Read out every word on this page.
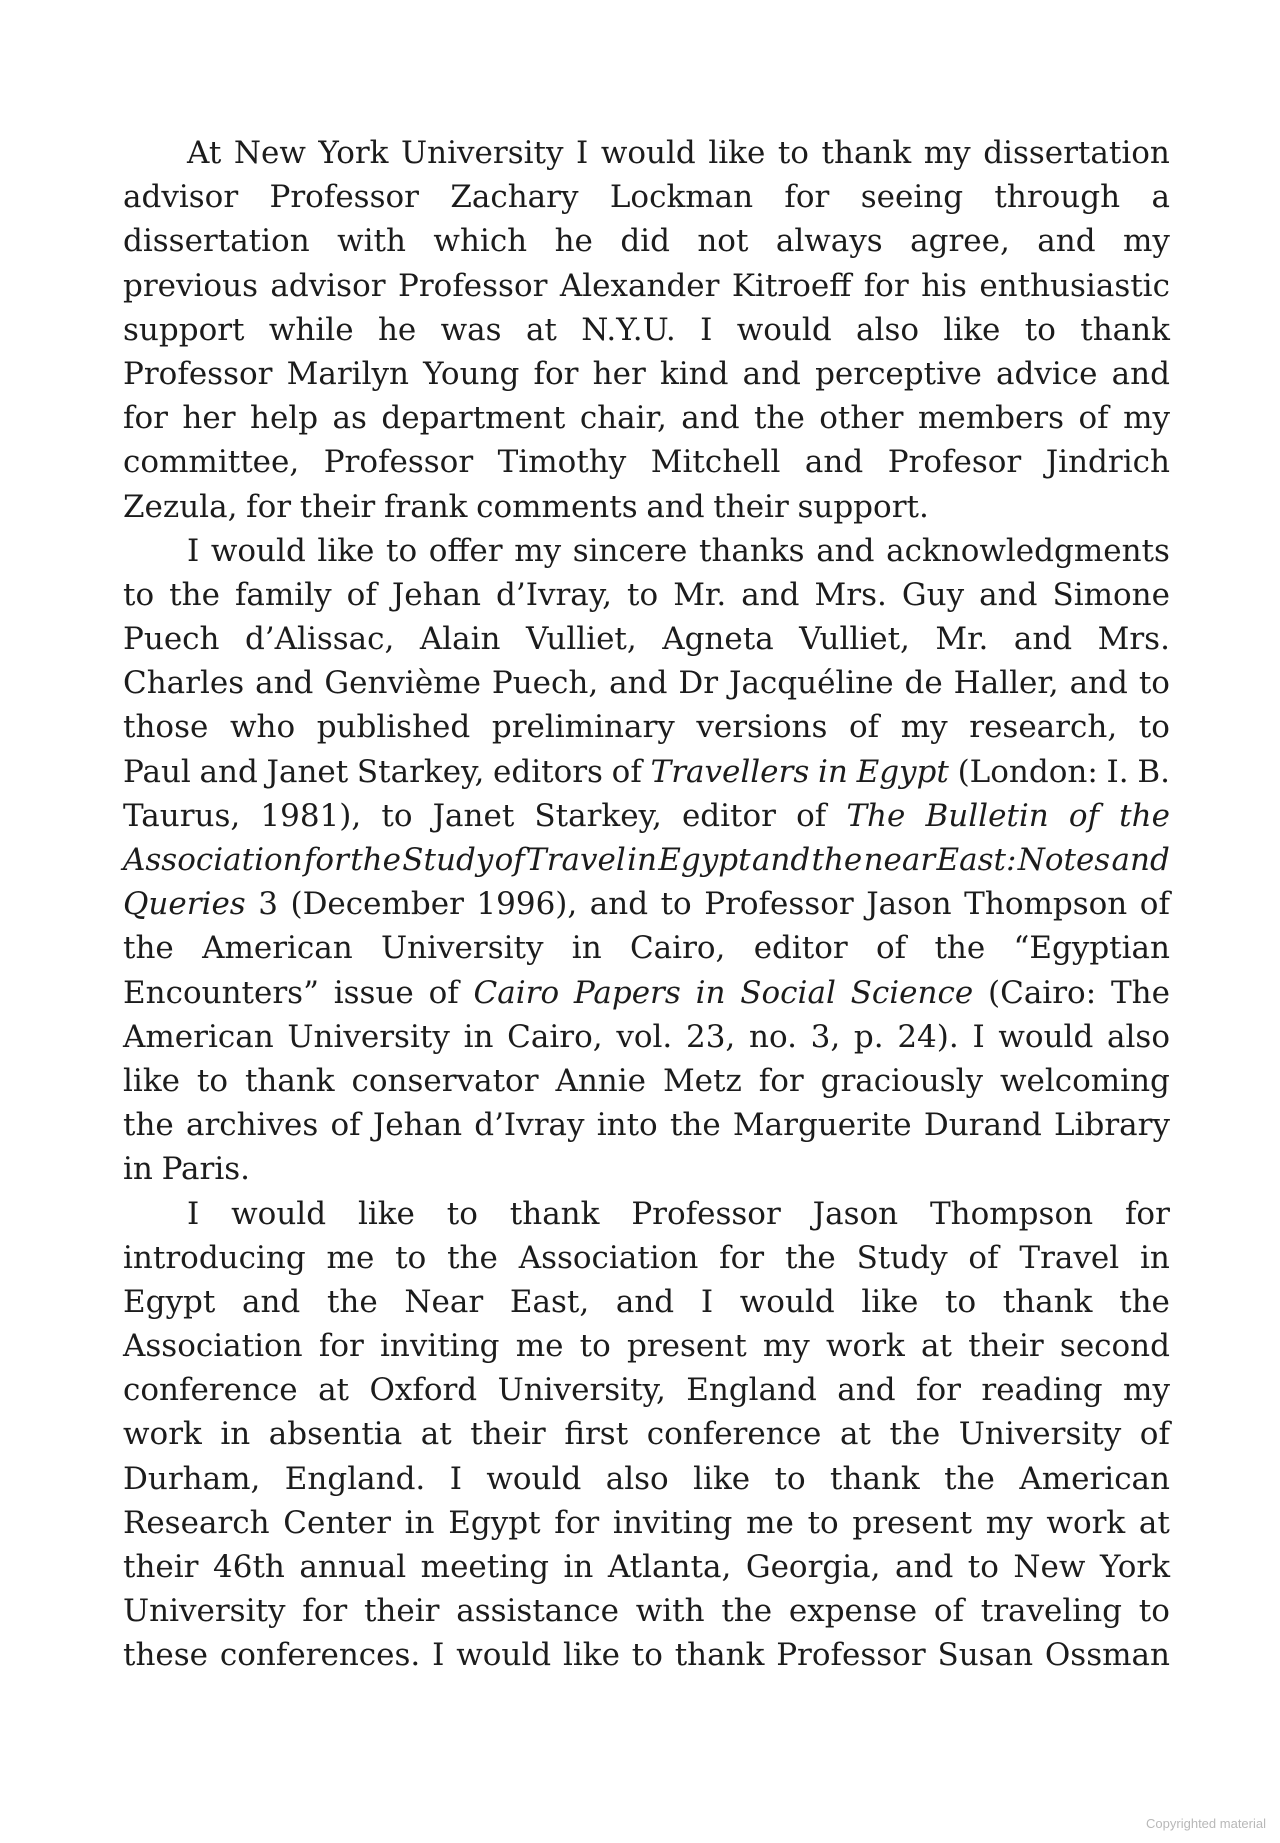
At New York University I would like to thank my dissertation
advisor Professor Zachary Lockman for seeing through a
dissertation with which he did not always agree, and my
previous advisor Professor Alexander Kitroeff for his enthusiastic
support while he was at N.Y.U. I would also like to thank
Professor Marilyn Young for her kind and perceptive advice and
for her help as department chair, and the other members of my
committee, Professor Timothy Mitchell and Profesor Jindrich
Zezula, for their frank comments and their support.
I would like to offer my sincere thanks and acknowledgments
to the family of Jehan d’Ivray, to Mr. and Mrs. Guy and Simone
Puech d’Alissac, Alain Vulliet, Agneta Vulliet, Mr. and Mrs.
Charles and Genvième Puech, and Dr Jacquéline de Haller, and to
those who published preliminary versions of my research, to
Paul and Janet Starkey, editors of Travellers in Egypt (London: I. B.
Taurus, 1981), to Janet Starkey, editor of The Bulletin of the
Association for the Study of Travel in Egypt and the near East: Notes and
Queries 3 (December 1996), and to Professor Jason Thompson of
the American University in Cairo, editor of the “Egyptian
Encounters” issue of Cairo Papers in Social Science (Cairo: The
American University in Cairo, vol. 23, no. 3, p. 24). I would also
like to thank conservator Annie Metz for graciously welcoming
the archives of Jehan d’Ivray into the Marguerite Durand Library
in Paris.
I would like to thank Professor Jason Thompson for
introducing me to the Association for the Study of Travel in
Egypt and the Near East, and I would like to thank the
Association for inviting me to present my work at their second
conference at Oxford University, England and for reading my
work in absentia at their first conference at the University of
Durham, England. I would also like to thank the American
Research Center in Egypt for inviting me to present my work at
their 46th annual meeting in Atlanta, Georgia, and to New York
University for their assistance with the expense of traveling to
these conferences. I would like to thank Professor Susan Ossman
Copyrighted material
